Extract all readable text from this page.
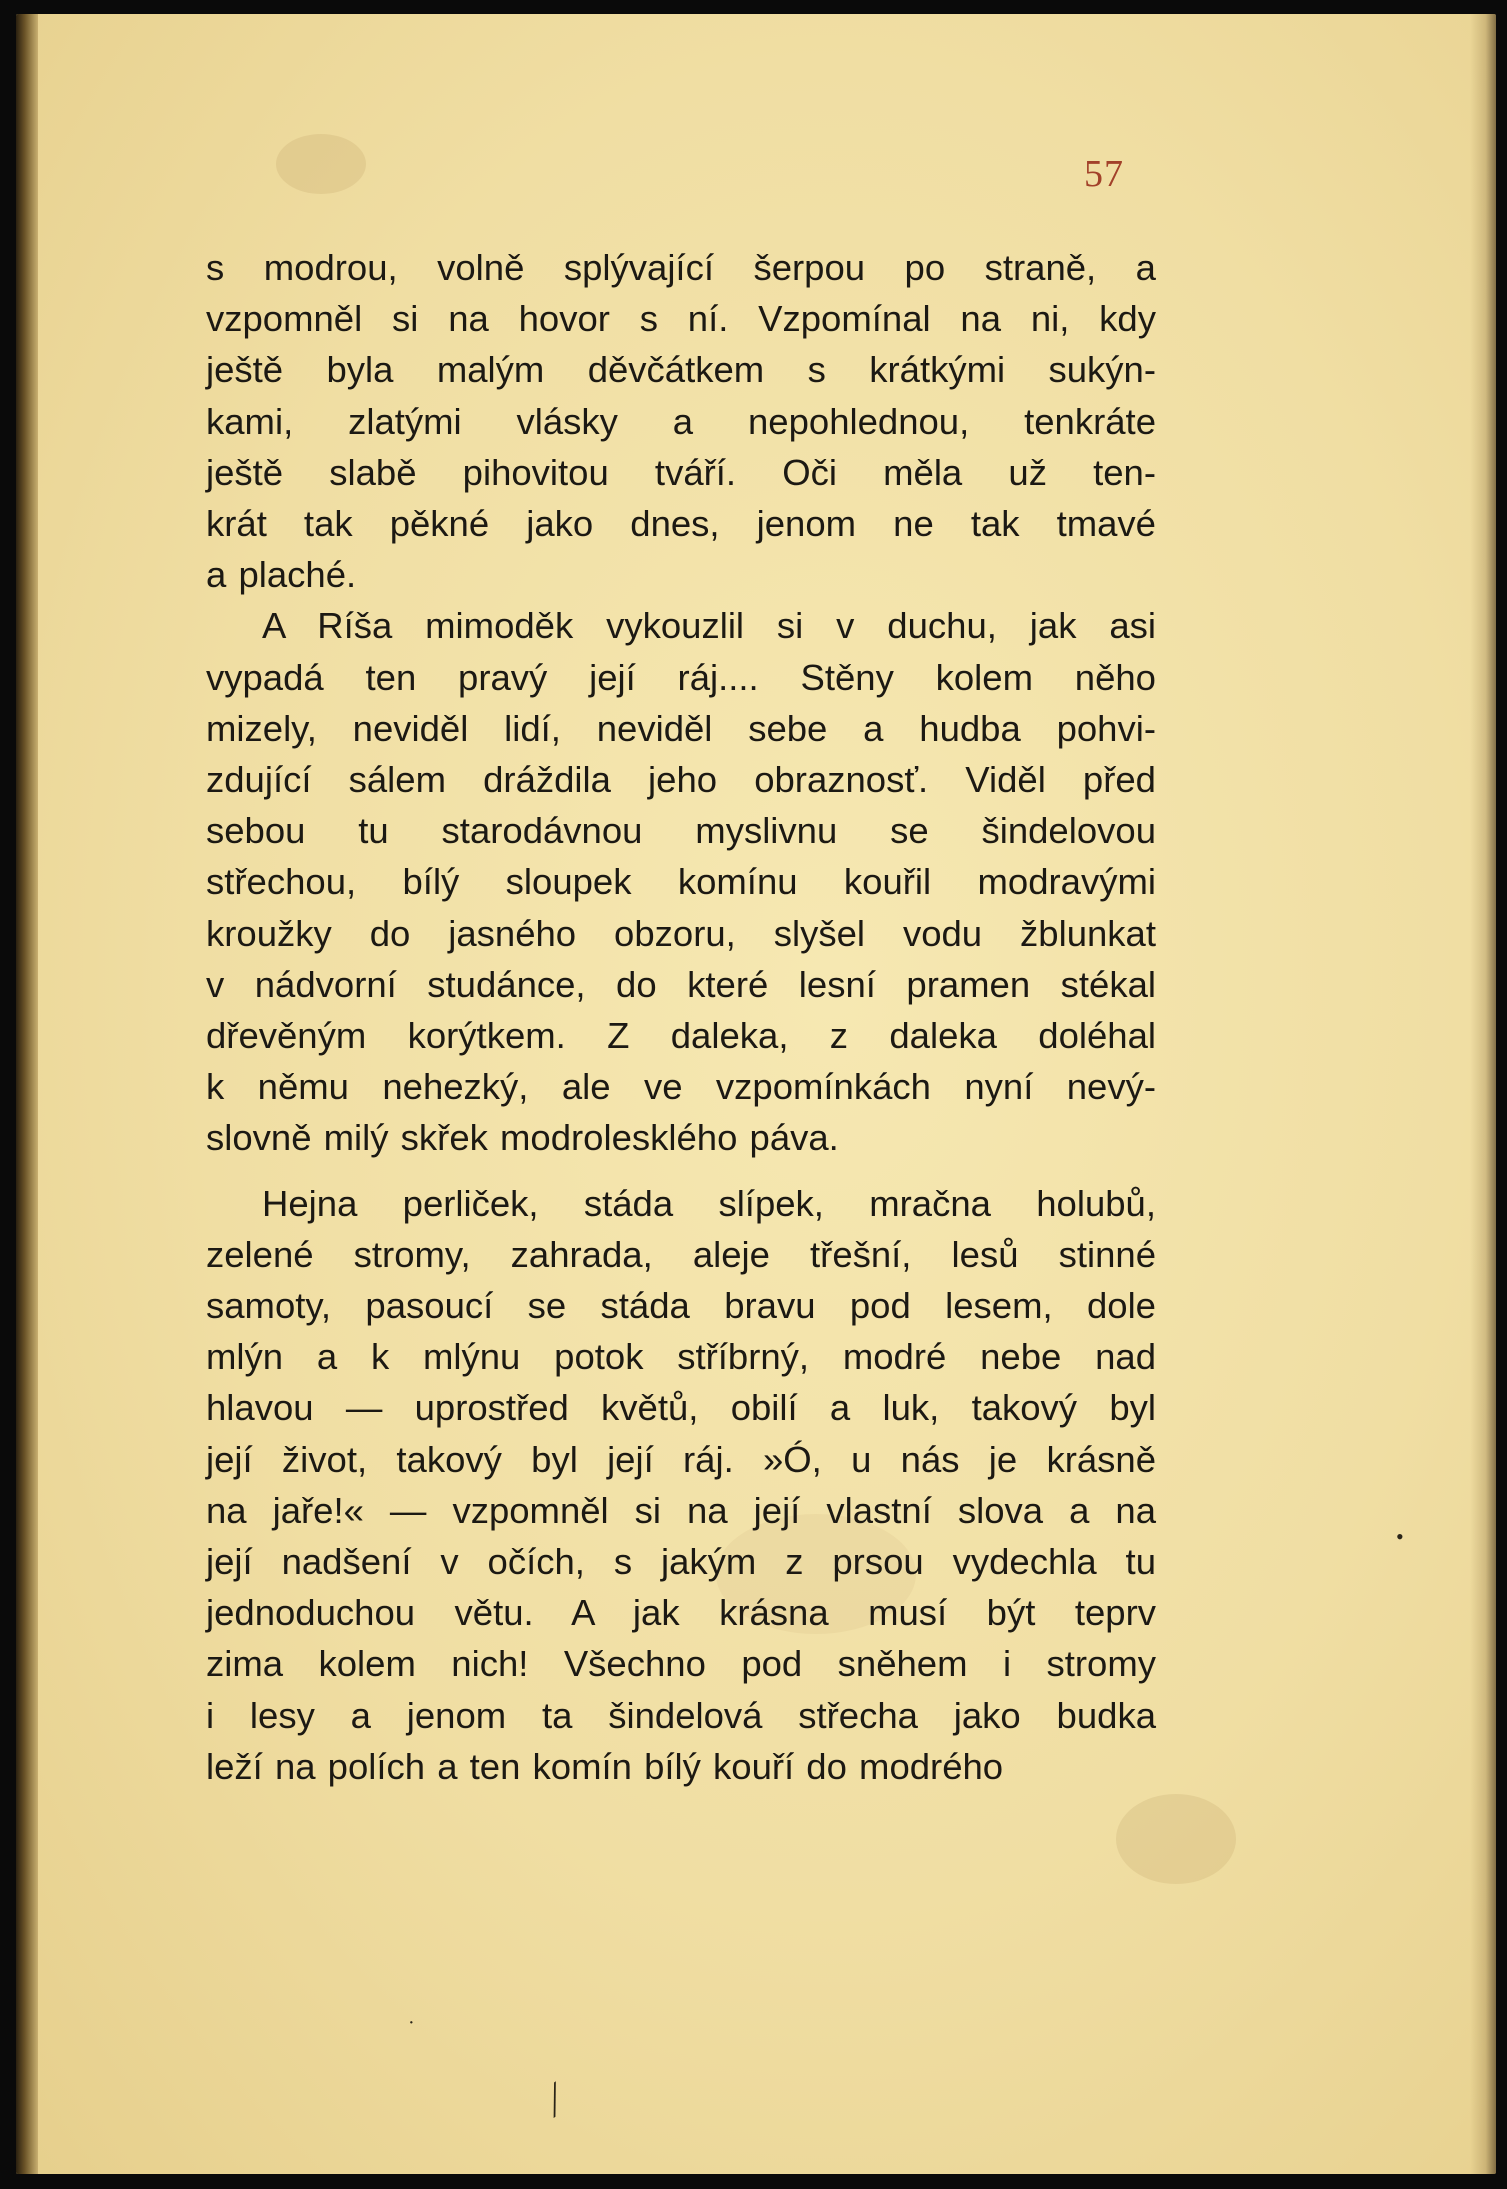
57

s modrou, volně splývající šerpou po straně, a
vzpomněl si na hovor s ní. Vzpomínal na ni, kdy
ještě byla malým děvčátkem s krátkými sukýn-
kami, zlatými vlásky a nepohlednou, tenkráte
ještě slabě pihovitou tváří. Oči měla už ten-
krát tak pěkné jako dnes, jenom ne tak tmavé
a plaché.

A Ríša mimoděk vykouzlil si v duchu, jak asi
vypadá ten pravý její ráj.... Stěny kolem něho
mizely, neviděl lidí, neviděl sebe a hudba pohvi-
zdující sálem dráždila jeho obraznosť. Viděl před
sebou tu starodávnou myslivnu se šindelovou
střechou, bílý sloupek komínu kouřil modravými
kroužky do jasného obzoru, slyšel vodu žblunkat
v nádvorní studánce, do které lesní pramen stékal
dřevěným korýtkem. Z daleka, z daleka doléhal
k němu nehezký, ale ve vzpomínkách nyní nevý-
slovně milý skřek modrolesklého páva.

Hejna perliček, stáda slípek, mračna holubů,
zelené stromy, zahrada, aleje třešní, lesů stinné
samoty, pasoucí se stáda bravu pod lesem, dole
mlýn a k mlýnu potok stříbrný, modré nebe nad
hlavou — uprostřed květů, obilí a luk, takový byl
její život, takový byl její ráj. »Ó, u nás je krásně
na jaře!« — vzpomněl si na její vlastní slova a na
její nadšení v očích, s jakým z prsou vydechla tu
jednoduchou větu. A jak krásna musí být teprv
zima kolem nich! Všechno pod sněhem i stromy
i lesy a jenom ta šindelová střecha jako budka
leží na polích a ten komín bílý kouří do modrého

⁄
·
•
